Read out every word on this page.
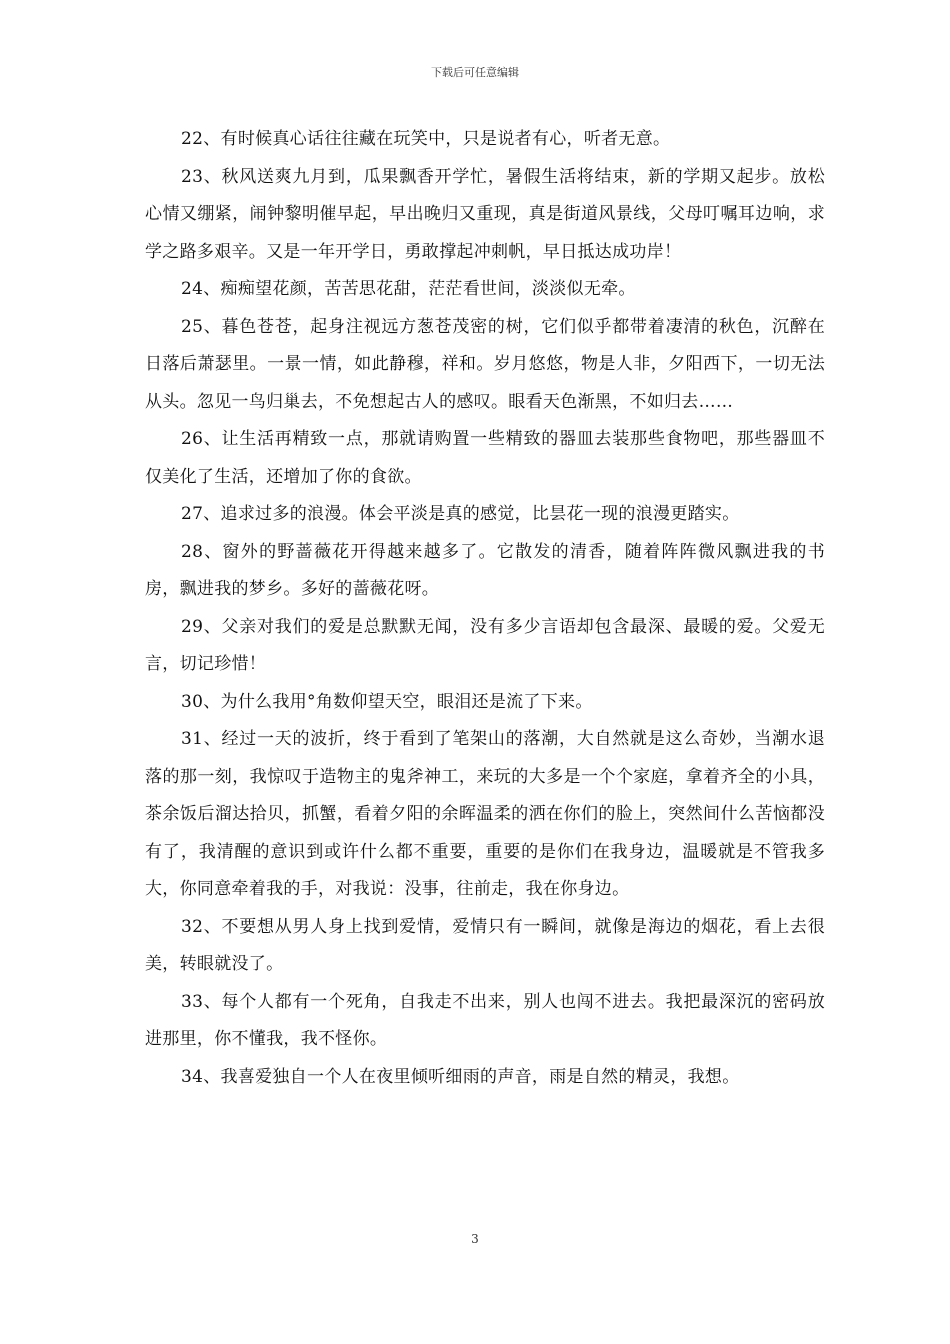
下载后可任意编辑

22、有时候真心话往往藏在玩笑中，只是说者有心，听者无意。

23、秋风送爽九月到，瓜果飘香开学忙，暑假生活将结束，新的学期又起步。放松心情又绷紧，闹钟黎明催早起，早出晚归又重现，真是街道风景线，父母叮嘱耳边响，求学之路多艰辛。又是一年开学日，勇敢撑起冲刺帆，早日抵达成功岸！

24、痴痴望花颜，苦苦思花甜，茫茫看世间，淡淡似无牵。

25、暮色苍苍，起身注视远方葱苍茂密的树，它们似乎都带着凄清的秋色，沉醉在日落后萧瑟里。一景一情，如此静穆，祥和。岁月悠悠，物是人非，夕阳西下，一切无法从头。忽见一鸟归巢去，不免想起古人的感叹。眼看天色渐黑，不如归去……

26、让生活再精致一点，那就请购置一些精致的器皿去装那些食物吧，那些器皿不仅美化了生活，还增加了你的食欲。

27、追求过多的浪漫。体会平淡是真的感觉，比昙花一现的浪漫更踏实。

28、窗外的野蔷薇花开得越来越多了。它散发的清香，随着阵阵微风飘进我的书房，飘进我的梦乡。多好的蔷薇花呀。

29、父亲对我们的爱是总默默无闻，没有多少言语却包含最深、最暖的爱。父爱无言，切记珍惜！

30、为什么我用°角数仰望天空，眼泪还是流了下来。

31、经过一天的波折，终于看到了笔架山的落潮，大自然就是这么奇妙，当潮水退落的那一刻，我惊叹于造物主的鬼斧神工，来玩的大多是一个个家庭，拿着齐全的小具，茶余饭后溜达拾贝，抓蟹，看着夕阳的余晖温柔的洒在你们的脸上，突然间什么苦恼都没有了，我清醒的意识到或许什么都不重要，重要的是你们在我身边，温暖就是不管我多大，你同意牵着我的手，对我说：没事，往前走，我在你身边。

32、不要想从男人身上找到爱情，爱情只有一瞬间，就像是海边的烟花，看上去很美，转眼就没了。

33、每个人都有一个死角，自我走不出来，别人也闯不进去。我把最深沉的密码放进那里，你不懂我，我不怪你。

34、我喜爱独自一个人在夜里倾听细雨的声音，雨是自然的精灵，我想。

3
